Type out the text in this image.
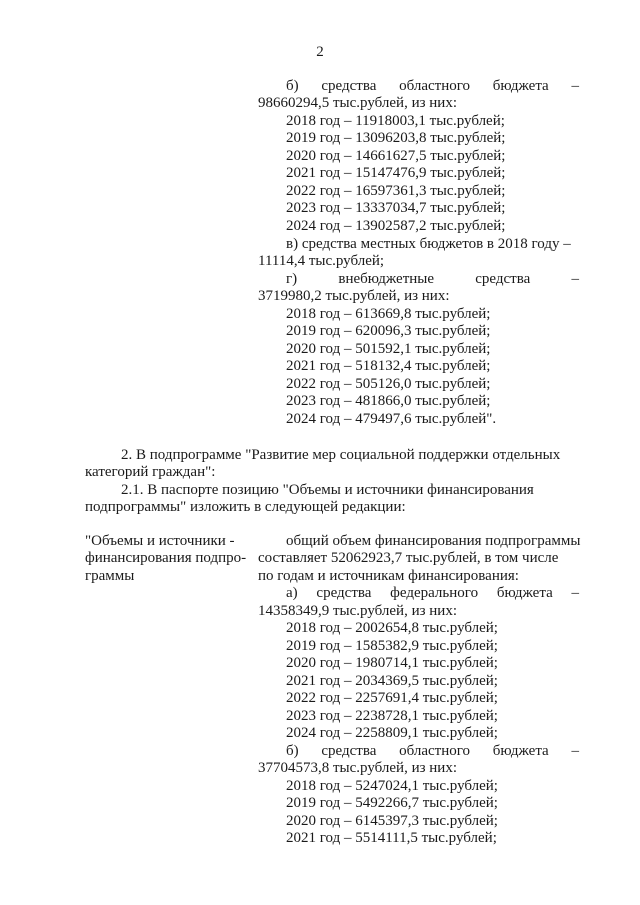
2
б) средства областного бюджета –
98660294,5 тыс.рублей, из них:
2018 год – 11918003,1 тыс.рублей;
2019 год – 13096203,8 тыс.рублей;
2020 год – 14661627,5 тыс.рублей;
2021 год – 15147476,9 тыс.рублей;
2022 год – 16597361,3 тыс.рублей;
2023 год – 13337034,7 тыс.рублей;
2024 год – 13902587,2 тыс.рублей;
в) средства местных бюджетов в 2018 году –
11114,4 тыс.рублей;
г)	внебюджетные	средства	–
3719980,2 тыс.рублей, из них:
2018 год – 613669,8 тыс.рублей;
2019 год – 620096,3 тыс.рублей;
2020 год – 501592,1 тыс.рублей;
2021 год – 518132,4 тыс.рублей;
2022 год – 505126,0 тыс.рублей;
2023 год – 481866,0 тыс.рублей;
2024 год – 479497,6 тыс.рублей".
2. В подпрограмме "Развитие мер социальной поддержки отдельных
категорий граждан":
2.1. В паспорте позицию "Объемы и источники финансирования
подпрограммы" изложить в следующей редакции:
"Объемы и источники -
финансирования подпро-
граммы
общий объем финансирования подпрограммы
составляет 52062923,7 тыс.рублей, в том числе
по годам и источникам финансирования:
а) средства федерального бюджета –
14358349,9 тыс.рублей, из них:
2018 год – 2002654,8 тыс.рублей;
2019 год – 1585382,9 тыс.рублей;
2020 год – 1980714,1 тыс.рублей;
2021 год – 2034369,5 тыс.рублей;
2022 год – 2257691,4 тыс.рублей;
2023 год – 2238728,1 тыс.рублей;
2024 год – 2258809,1 тыс.рублей;
б) средства областного бюджета –
37704573,8 тыс.рублей, из них:
2018 год – 5247024,1 тыс.рублей;
2019 год – 5492266,7 тыс.рублей;
2020 год – 6145397,3 тыс.рублей;
2021 год – 5514111,5 тыс.рублей;
